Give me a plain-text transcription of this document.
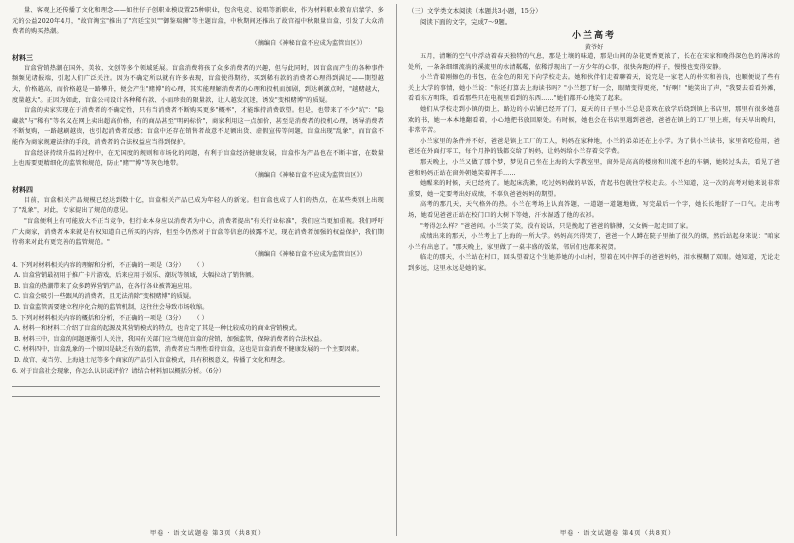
量、客观上还传播了文化和理念——如往仔子创职业模设置25种职业，包含电竞、说唱等新职业，作为材料职业教育启蒙学、多元的公益2020年4月，"故宫淘宝"推出了"宫廷宝贝""御鉴瑞狮"等主题盲盒，中秋期间还推出了故宫福中秋限量盲盒，引发了大众消费者的购买热潮。

（摘编自《神秘盲盒不应成为监管盲区》）
材料三

盲盒营销热潮在国外，美妆、文创等多个领域延展。盲盒消费将孩了众多消费者的兴趣，但与此同时，因盲盒而产生的各种事件频频见诸报端，引起人们广泛关注。因为不确定所以就有许多表现，盲盒使得期待，买到稀有款的消费者心理得到满足——期望越大，价格越高，而价格越是一路攀升，便会产生"赌博"的心理，其实能理解消费者的心理和投机而加剧，到达刺激点时，"越赌越大，度量越大"。正因为如此，盲盒公司设计各种稀有款、小而珍贵的限量款，让人越发沉迷，诱发"变相赌博"的质疑。

盲盒的卖家实现在于消费者的不确定性，只有当消费者不断购买更多"概率"，才能维持消费欲望。但是，也带来了不少"坑"："隐藏款"与"稀有"等名义在网上卖出超高价格，有的商品甚至"明码标价"，商家利用这一点加价，甚至是消费者的投机心理，诱导消费者不断复购，一路越刷越贵，也引起消费者反感；盲盒中还存在销售者故意不足额出货、虚假宣传等问题，盲盒出现"乱象"，而盲盒不能作为商家规避法律的手段，消费者的合法权益应当得到保护。

盲盒经济持续升温的过程中，在无国度的规则和市场化的问题，有利于盲盒经济健康发展，盲盒作为产品也在不断丰富，在数量上也需要更精细化的监管和规范，防止"赌""博"等灰色地带。

（摘编自《神秘盲盒不应成为监管盲区》）
材料四

目前，盲盒相关产品规模已经达到数十亿，盲盒相关产品已成为年轻人的新宠。但盲盒也成了人们的热点，在某些类别上出现了"乱象"，对此，专家提出了规范的意见。

"盲盒便利上有可能放大不正当竞争，但行业本身应以消费者为中心，消费者提出"有关行业标准"，我们应当更加重视。我们呼吁广大商家，消费者本来就是有权知道自己所买的内容，但至今仍然对于盲盒等信息的披露不足，现在消费者加强的权益保护，我们期待将来对此有更完善的监管规范。"

（摘编自《神秘盲盒不应成为监管盲区》）
4. 下列对材料相关内容的理解和分析，不正确的一项是（3分） （ ）
A. 盲盒营销最初用于推广卡片游戏，后来应用于娱乐、潮玩等领域，大幅拉动了销售额。
B. 盲盒的热潮带来了众多跨界营销产品，在各行各业被普遍应用。
C. 盲盒会吸引一些跟风的消费者，且无法消除"变相赌博"的质疑。
D. 盲盒监管需要建立程序化合规的监管机制，这往往会导致市场收缩。
5. 下列对材料相关内容的概括和分析，不正确的一项是（3分） （ ）
A. 材料一和材料二介绍了盲盒的起源及其营销模式的特点，也肯定了其是一种比较成功的商业营销模式。
B. 材料三中，盲盒的问题逐渐引人关注，我国有关部门应当规范盲盒的营销，加强监管，保障消费者的合法权益。
C. 材料四中，盲盒乱象的一个原因是缺乏有效的监管，消费者应当理性看待盲盒，这也是盲盒消费不健康发展的一个主要因素。
D. 故宫、麦当劳、上海迪士尼等多个商家的产品引入盲盒模式，具有积极意义，传播了文化和理念。
6. 对于盲盒社会现象，你怎么认识或评价？请结合材料加以概括分析。（6分）
（三）文学类文本阅读（本题共3小题，15分）
阅读下面的文字，完成7～9题。
小兰高考
黄爷好

五月，清晰的空气中浮动着春天独特的气息，那是土壤的味道，那是山间的杂花更香更浓了，长在在宋家和晚得深色色的薄冰的处所，一条条细细流淌的溪流里的水清粼粼，依稀浮现出了一方少年的心事，很快奔跑的样子，慢慢也变得安静。

小兰背着刚擦色的书包，在金色的阳光下向学校走去。她和伙伴们走着聊着天，说完是一家老人的朴实和善良，也顺便说了些有关上大学的事情，她小兰说："你还打算去上海读书吗？"小兰想了好一会，眼睛变得更亮，"好啊！"她笑出了声，"我要去看看外滩，看看东方明珠，看看那些只在电视里看到的东西……"她们都开心地笑了起来。

她们从学校走到小镇的街上，路边的小店铺已经开了门，夏天的日子里小兰总是喜欢在放学后绕到镇上书店里，那里有很多她喜欢的书，她一本本地翻看着，小心地把书放回原处。有时候，她也会在书店里遇到爸爸，爸爸在镇上的工厂里上班，每天早出晚归，非常辛苦。

小兰家里的条件并不好，爸爸是镇上工厂的工人，妈妈在家种地，小兰的弟弟还在上小学。为了供小兰读书，家里省吃俭用，爸爸还在外面打零工，每个月挣的钱都交给了妈妈，让妈妈给小兰存着交学费。

那天晚上，小兰又做了那个梦，梦见自己坐在上海的大学教室里，窗外是高高的楼房和川流不息的车辆，她转过头去，看见了爸爸和妈妈正站在窗外朝她笑着挥手……

她醒来的时候，天已经亮了。她起床洗漱，吃过妈妈做的早饭，背起书包就往学校走去。小兰知道，这一次的高考对她来说非常重要，她一定要考出好成绩，不辜负爸爸妈妈的期望。

高考的那几天，天气格外的热。小兰在考场上认真答题，一道题一道题地做，写完最后一个字，她长长地舒了一口气。走出考场，她看见爸爸正站在校门口的大树下等她，汗水湿透了他的衣衫。

"考得怎么样？"爸爸问。小兰笑了笑，没有说话，只是挽起了爸爸的胳膊，父女俩一起走回了家。

成绩出来的那天，小兰考上了上海的一所大学。妈妈高兴得哭了，爸爸一个人蹲在院子里抽了很久的烟，然后站起身来说："咱家小兰有出息了。"那天晚上，家里做了一桌丰盛的饭菜，邻居们也都来祝贺。

临走的那天，小兰站在村口，回头望着这个生她养她的小山村，望着在风中挥手的爸爸妈妈，泪水模糊了双眼。她知道，无论走到多远，这里永远是她的家。

甲卷 · 语文试题卷 第3页（共8页）	甲卷 · 语文试题卷 第4页（共8页）
